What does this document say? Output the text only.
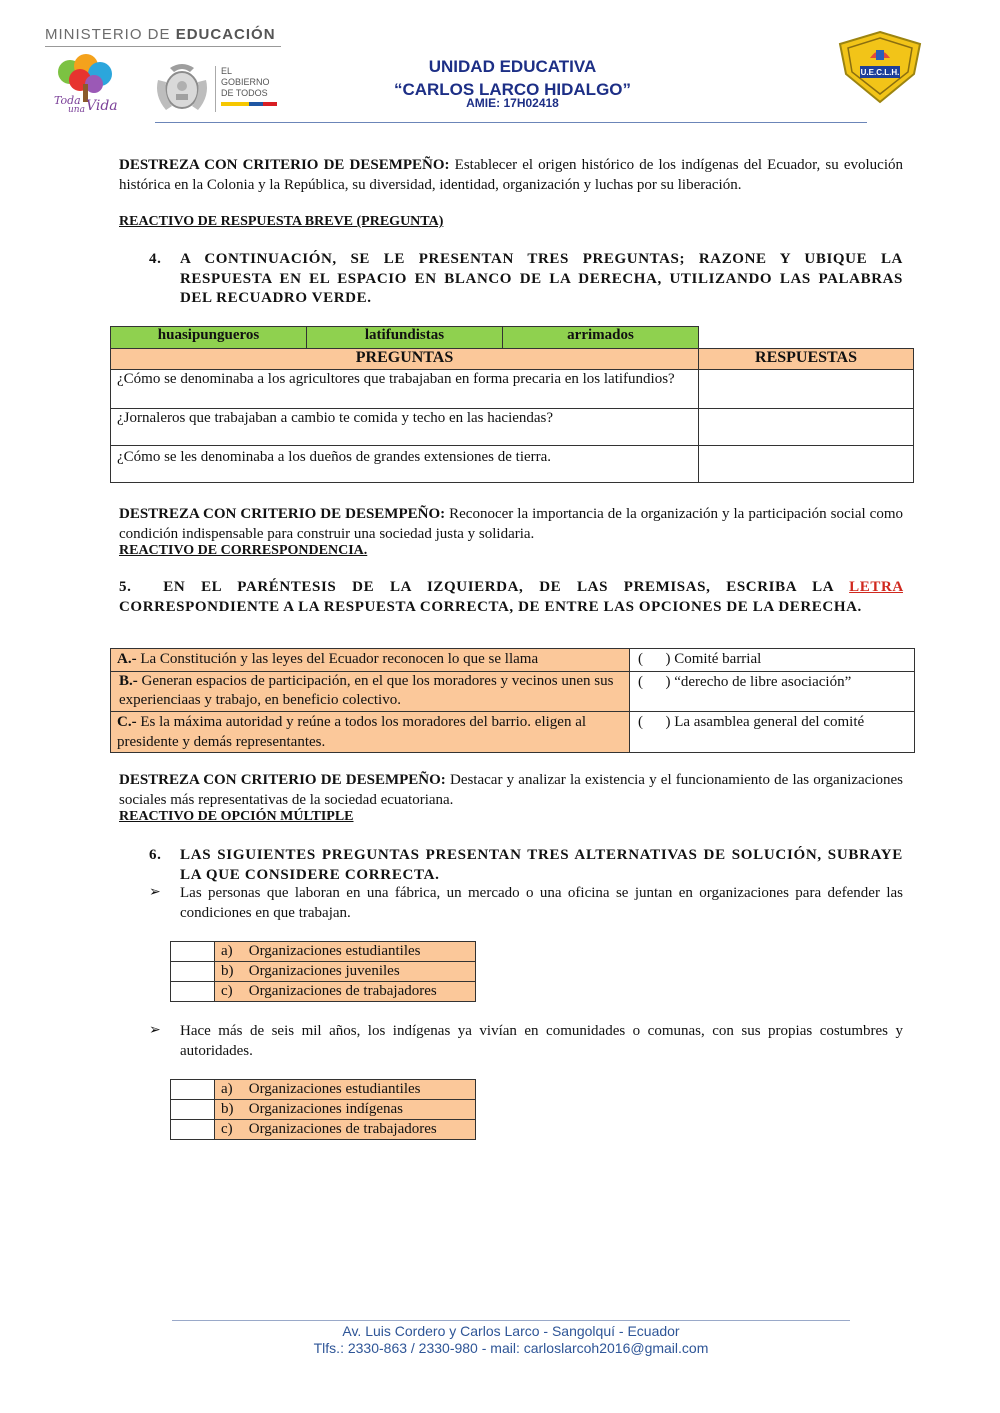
MINISTERIO DE EDUCACIÓN
Toda
una Vida
EL
GOBIERNO
DE TODOS
UNIDAD EDUCATIVA
“CARLOS LARCO HIDALGO”
AMIE: 17H02418
U.E.C.L.H.
DESTREZA CON CRITERIO DE DESEMPEÑO: Establecer el origen histórico de los indígenas del Ecuador, su evolución histórica en la Colonia y la República, su diversidad, identidad, organización y luchas por su liberación.
REACTIVO DE RESPUESTA BREVE (PREGUNTA)
4. A CONTINUACIÓN, SE LE PRESENTAN TRES PREGUNTAS; RAZONE Y UBIQUE LA RESPUESTA EN EL ESPACIO EN BLANCO DE LA DERECHA, UTILIZANDO LAS PALABRAS DEL RECUADRO VERDE.
huasipungueros	latifundistas	arrimados
PREGUNTAS	RESPUESTAS
¿Cómo se denominaba a los agricultores que trabajaban en forma precaria en los latifundios?	
¿Jornaleros que trabajaban a cambio te comida y techo en las haciendas?	
¿Cómo se les denominaba a los dueños de grandes extensiones de tierra.	
DESTREZA CON CRITERIO DE DESEMPEÑO: Reconocer la importancia de la organización y la participación social como condición indispensable para construir una sociedad justa y solidaria.
REACTIVO DE CORRESPONDENCIA.
5. EN EL PARÉNTESIS DE LA IZQUIERDA, DE LAS PREMISAS, ESCRIBA LA LETRA CORRESPONDIENTE A LA RESPUESTA CORRECTA, DE ENTRE LAS OPCIONES DE LA DERECHA.
A.- La Constitución y las leyes del Ecuador reconocen lo que se llama	(      ) Comité barrial
B.- Generan espacios de participación, en el que los moradores y vecinos unen sus experienciaas y trabajo, en beneficio colectivo.	(      ) “derecho de libre asociación”
C.- Es la máxima autoridad y reúne a todos los moradores del barrio. eligen al presidente y demás representantes.	(      ) La asamblea general del comité
DESTREZA CON CRITERIO DE DESEMPEÑO: Destacar y analizar la existencia y el funcionamiento de las organizaciones sociales más representativas de la sociedad ecuatoriana.
REACTIVO DE OPCIÓN MÚLTIPLE
6. LAS SIGUIENTES PREGUNTAS PRESENTAN TRES ALTERNATIVAS DE SOLUCIÓN, SUBRAYE LA QUE CONSIDERE CORRECTA.
➢ Las personas que laboran en una fábrica, un mercado o una oficina se juntan en organizaciones para defender las condiciones en que trabajan.
	a) Organizaciones estudiantiles
	b) Organizaciones juveniles
	c) Organizaciones de trabajadores
➢ Hace más de seis mil años, los indígenas ya vivían en comunidades o comunas, con sus propias costumbres y autoridades.
	a) Organizaciones estudiantiles
	b) Organizaciones indígenas
	c) Organizaciones de trabajadores
Av. Luis Cordero y Carlos Larco - Sangolquí - Ecuador
Tlfs.: 2330-863 / 2330-980 - mail: carloslarcoh2016@gmail.com
